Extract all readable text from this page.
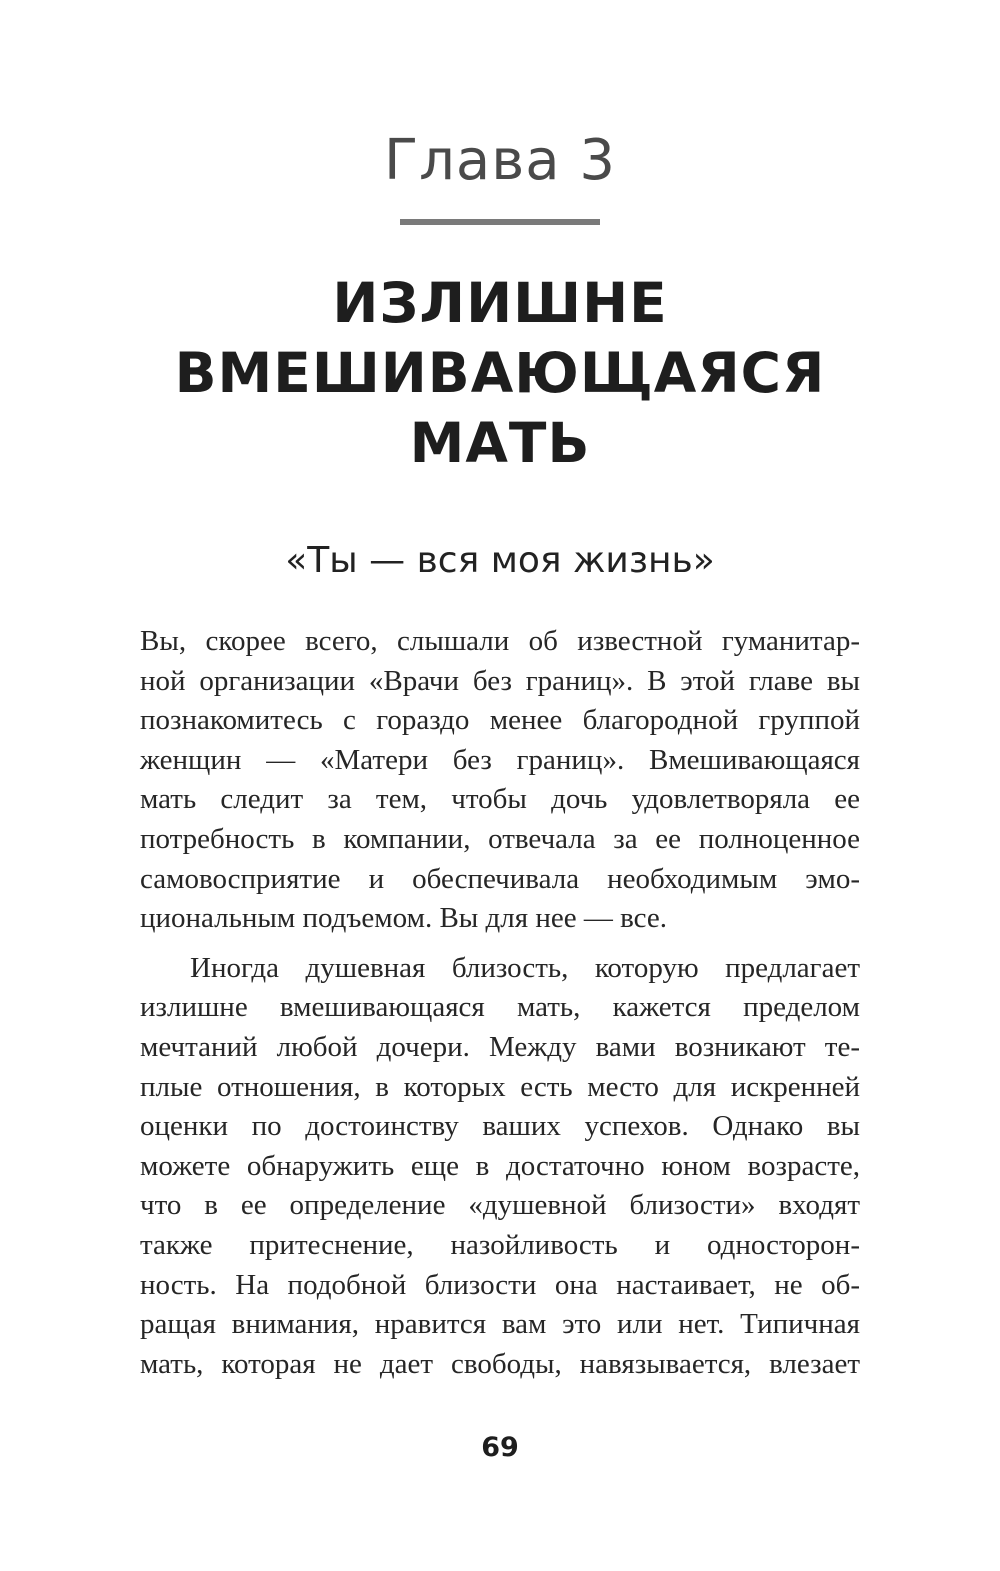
Глава 3
ИЗЛИШНЕ
ВМЕШИВАЮЩАЯСЯ
МАТЬ
«Ты — вся моя жизнь»
Вы, скорее всего, слышали об известной гуманитар-
ной организации «Врачи без границ». В этой главе вы
познакомитесь с гораздо менее благородной группой
женщин — «Матери без границ». Вмешивающаяся
мать следит за тем, чтобы дочь удовлетворяла ее
потребность в компании, отвечала за ее полноценное
самовосприятие и обеспечивала необходимым эмо-
циональным подъемом. Вы для нее — все.
Иногда душевная близость, которую предлагает
излишне вмешивающаяся мать, кажется пределом
мечтаний любой дочери. Между вами возникают те-
плые отношения, в которых есть место для искренней
оценки по достоинству ваших успехов. Однако вы
можете обнаружить еще в достаточно юном возрасте,
что в ее определение «душевной близости» входят
также притеснение, назойливость и односторон-
ность. На подобной близости она настаивает, не об-
ращая внимания, нравится вам это или нет. Типичная
мать, которая не дает свободы, навязывается, влезает
69
